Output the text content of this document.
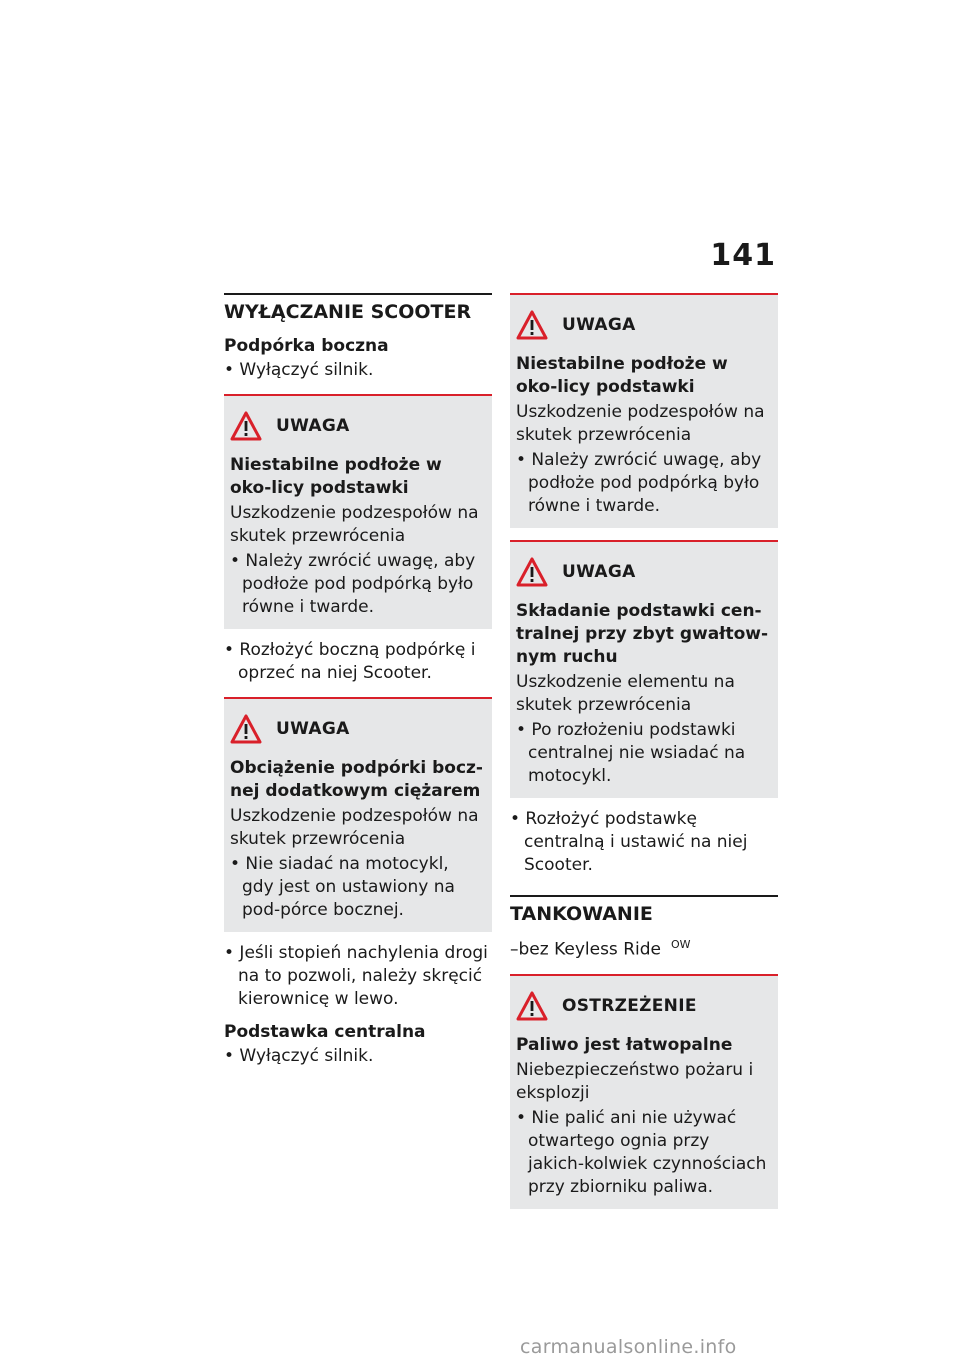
141
WYŁĄCZANIE SCOOTER
Podpórka boczna
• Wyłączyć silnik.
UWAGA
Niestabilne podłoże w oko-licy podstawki
Uszkodzenie podzespołów na skutek przewrócenia
• Należy zwrócić uwagę, aby podłoże pod podpórką było równe i twarde.
• Rozłożyć boczną podpórkę i oprzeć na niej Scooter.
UWAGA
Obciążenie podpórki bocz-nej dodatkowym ciężarem
Uszkodzenie podzespołów na skutek przewrócenia
• Nie siadać na motocykl, gdy jest on ustawiony na pod-pórce bocznej.
• Jeśli stopień nachylenia drogi na to pozwoli, należy skręcić kierownicę w lewo.
Podstawka centralna
• Wyłączyć silnik.
UWAGA
Niestabilne podłoże w oko-licy podstawki
Uszkodzenie podzespołów na skutek przewrócenia
• Należy zwrócić uwagę, aby podłoże pod podpórką było równe i twarde.
UWAGA
Składanie podstawki cen-tralnej przy zbyt gwałtow-nym ruchu
Uszkodzenie elementu na skutek przewrócenia
• Po rozłożeniu podstawki centralnej nie wsiadać na motocykl.
• Rozłożyć podstawkę centralną i ustawić na niej Scooter.
TANKOWANIE
–bez Keyless Ride $^{OW}$
OSTRZEŻENIE
Paliwo jest łatwopalne
Niebezpieczeństwo pożaru i eksplozji
• Nie palić ani nie używać otwartego ognia przy jakich-kolwiek czynnościach przy zbiorniku paliwa.
carmanualsonline.info
